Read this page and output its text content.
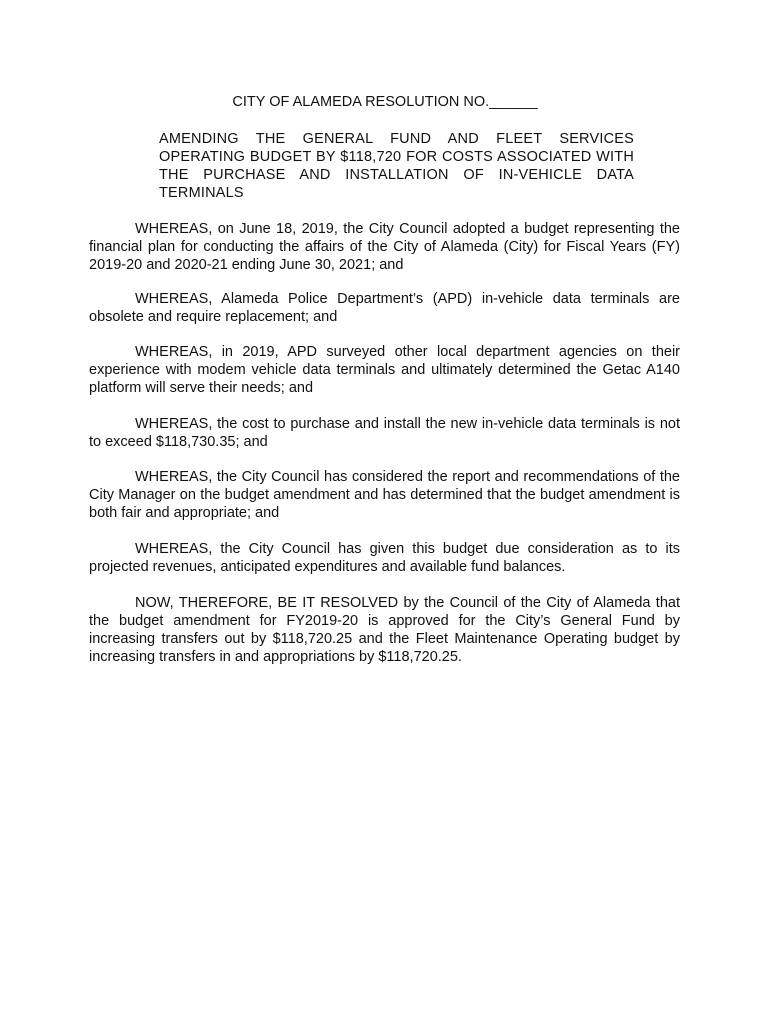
CITY OF ALAMEDA RESOLUTION NO.______
AMENDING THE GENERAL FUND AND FLEET SERVICES OPERATING BUDGET BY $118,720 FOR COSTS ASSOCIATED WITH THE PURCHASE AND INSTALLATION OF IN-VEHICLE DATA TERMINALS

WHEREAS, on June 18, 2019, the City Council adopted a budget representing the financial plan for conducting the affairs of the City of Alameda (City) for Fiscal Years (FY) 2019-20 and 2020-21 ending June 30, 2021; and

WHEREAS, Alameda Police Department’s (APD) in-vehicle data terminals are obsolete and require replacement; and

WHEREAS, in 2019, APD surveyed other local department agencies on their experience with modem vehicle data terminals and ultimately determined the Getac A140 platform will serve their needs; and

WHEREAS, the cost to purchase and install the new in-vehicle data terminals is not to exceed $118,730.35; and

WHEREAS, the City Council has considered the report and recommendations of the City Manager on the budget amendment and has determined that the budget amendment is both fair and appropriate; and

WHEREAS, the City Council has given this budget due consideration as to its projected revenues, anticipated expenditures and available fund balances.

NOW, THEREFORE, BE IT RESOLVED by the Council of the City of Alameda that the budget amendment for FY2019-20 is approved for the City’s General Fund by increasing transfers out by $118,720.25 and the Fleet Maintenance Operating budget by increasing transfers in and appropriations by $118,720.25.
